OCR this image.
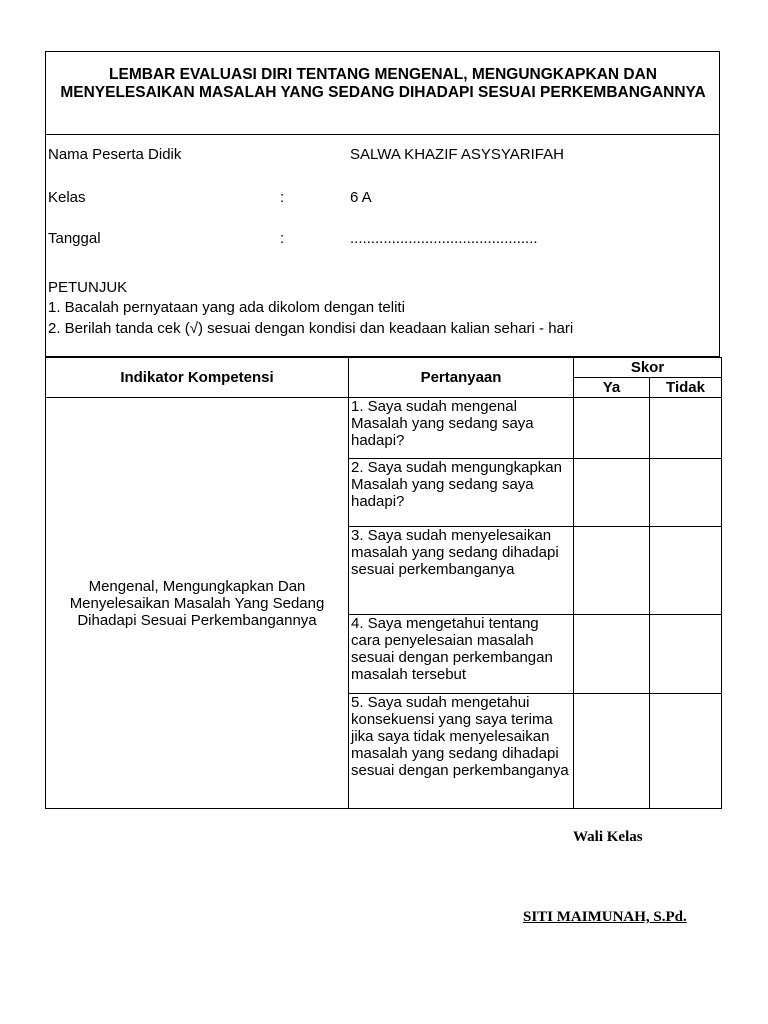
LEMBAR EVALUASI DIRI TENTANG MENGENAL, MENGUNGKAPKAN DAN MENYELESAIKAN MASALAH YANG SEDANG DIHADAPI SESUAI PERKEMBANGANNYA
Nama Peserta Didik	SALWA KHAZIF ASYSYARIFAH
Kelas	:	6 A
Tanggal	:	.............................................
PETUNJUK
1. Bacalah pernyataan yang ada dikolom dengan teliti
2. Berilah tanda cek (√) sesuai dengan kondisi dan keadaan kalian sehari - hari
Indikator Kompetensi	Pertanyaan	Skor	
		Ya	Tidak
Mengenal, Mengungkapkan Dan Menyelesaikan Masalah Yang Sedang Dihadapi Sesuai Perkembangannya	1. Saya sudah mengenal Masalah yang sedang saya hadapi?		
	2. Saya sudah mengungkapkan Masalah yang sedang saya hadapi?		
	3. Saya sudah menyelesaikan masalah yang sedang dihadapi sesuai perkembanganya		
	4. Saya mengetahui tentang cara penyelesaian masalah sesuai dengan perkembangan masalah tersebut		
	5. Saya sudah mengetahui konsekuensi yang saya terima jika saya tidak menyelesaikan masalah yang sedang dihadapi sesuai dengan perkembanganya		
Wali Kelas
SITI MAIMUNAH, S.Pd.
